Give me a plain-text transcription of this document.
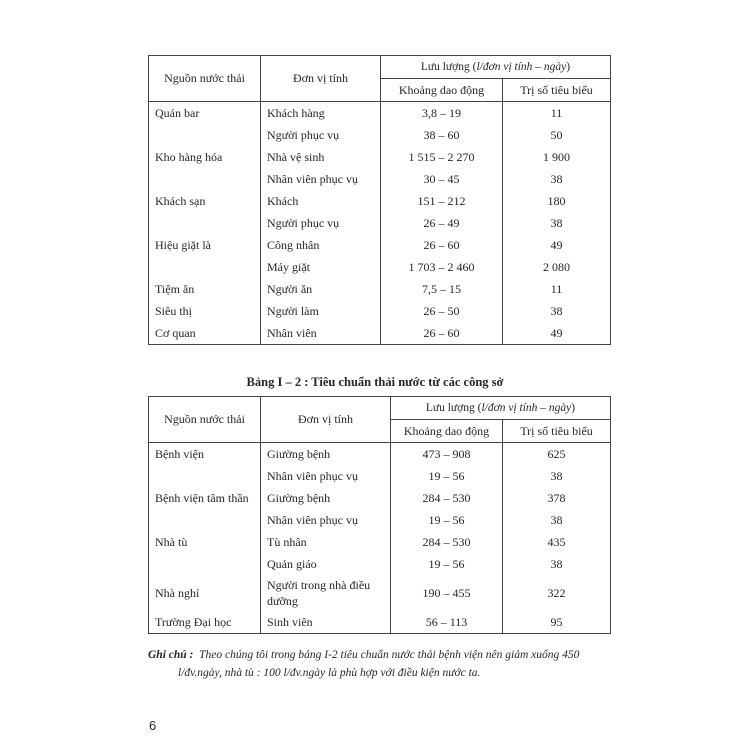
Nguồn nước thải	Đơn vị tính	Lưu lượng (l/đơn vị tính – ngày)	
		Khoảng dao động	Trị số tiêu biểu
Quán bar	Khách hàng	3,8 – 19	11
	Người phục vụ	38 – 60	50
Kho hàng hóa	Nhà vệ sinh	1 515 – 2 270	1 900
	Nhân viên phục vụ	30 – 45	38
Khách sạn	Khách	151 – 212	180
	Người phục vụ	26 – 49	38
Hiệu giặt là	Công nhân	26 – 60	49
	Máy giặt	1 703 – 2 460	2 080
Tiệm ăn	Người ăn	7,5 – 15	11
Siêu thị	Người làm	26 – 50	38
Cơ quan	Nhân viên	26 – 60	49
Bảng I – 2 : Tiêu chuẩn thải nước từ các công sở
Nguồn nước thải	Đơn vị tính	Lưu lượng (l/đơn vị tính – ngày)	
		Khoảng dao động	Trị số tiêu biểu
Bệnh viện	Giường bệnh	473 – 908	625
	Nhân viên phục vụ	19 – 56	38
Bệnh viện tâm thần	Giường bệnh	284 – 530	378
	Nhân viên phục vụ	19 – 56	38
Nhà tù	Tù nhân	284 – 530	435
	Quản giáo	19 – 56	38
Nhà nghỉ	Người trong nhà điều dưỡng	190 – 455	322
Trường Đại học	Sinh viên	56 – 113	95
Ghi chú : Theo chúng tôi trong bảng I-2 tiêu chuẩn nước thải bệnh viện nên giảm xuống 450
l/đv.ngày, nhà tù : 100 l/đv.ngày là phù hợp với điều kiện nước ta.
6
